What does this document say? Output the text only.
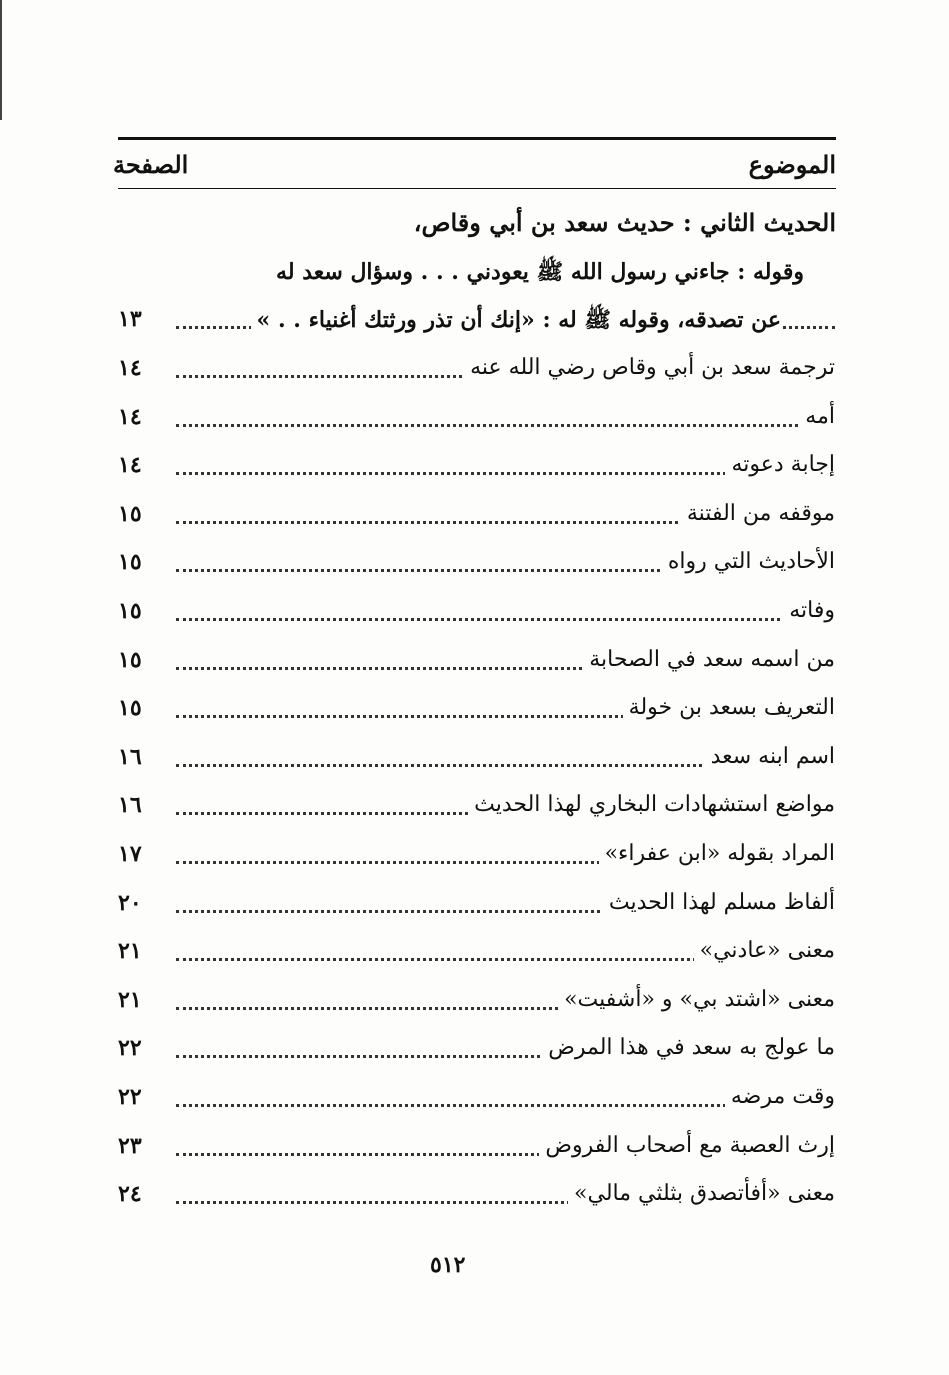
الموضوع
الصفحة
الحديث الثاني : حديث سعد بن أبي وقاص،
وقوله : جاءني رسول الله ﷺ يعودني . . . وسؤال سعد له
عن تصدقه، وقوله ﷺ له : «إنك أن تذر ورثتك أغنياء . . »
١٣
ترجمة سعد بن أبي وقاص رضي الله عنه
١٤
أمه
١٤
إجابة دعوته
١٤
موقفه من الفتنة
١٥
الأحاديث التي رواه
١٥
وفاته
١٥
من اسمه سعد في الصحابة
١٥
التعريف بسعد بن خولة
١٥
اسم ابنه سعد
١٦
مواضع استشهادات البخاري لهذا الحديث
١٦
المراد بقوله «ابن عفراء»
١٧
ألفاظ مسلم لهذا الحديث
٢٠
معنى «عادني»
٢١
معنى «اشتد بي» و «أشفيت»
٢١
ما عولج به سعد في هذا المرض
٢٢
وقت مرضه
٢٢
إرث العصبة مع أصحاب الفروض
٢٣
معنى «أفأتصدق بثلثي مالي»
٢٤
٥١٢
